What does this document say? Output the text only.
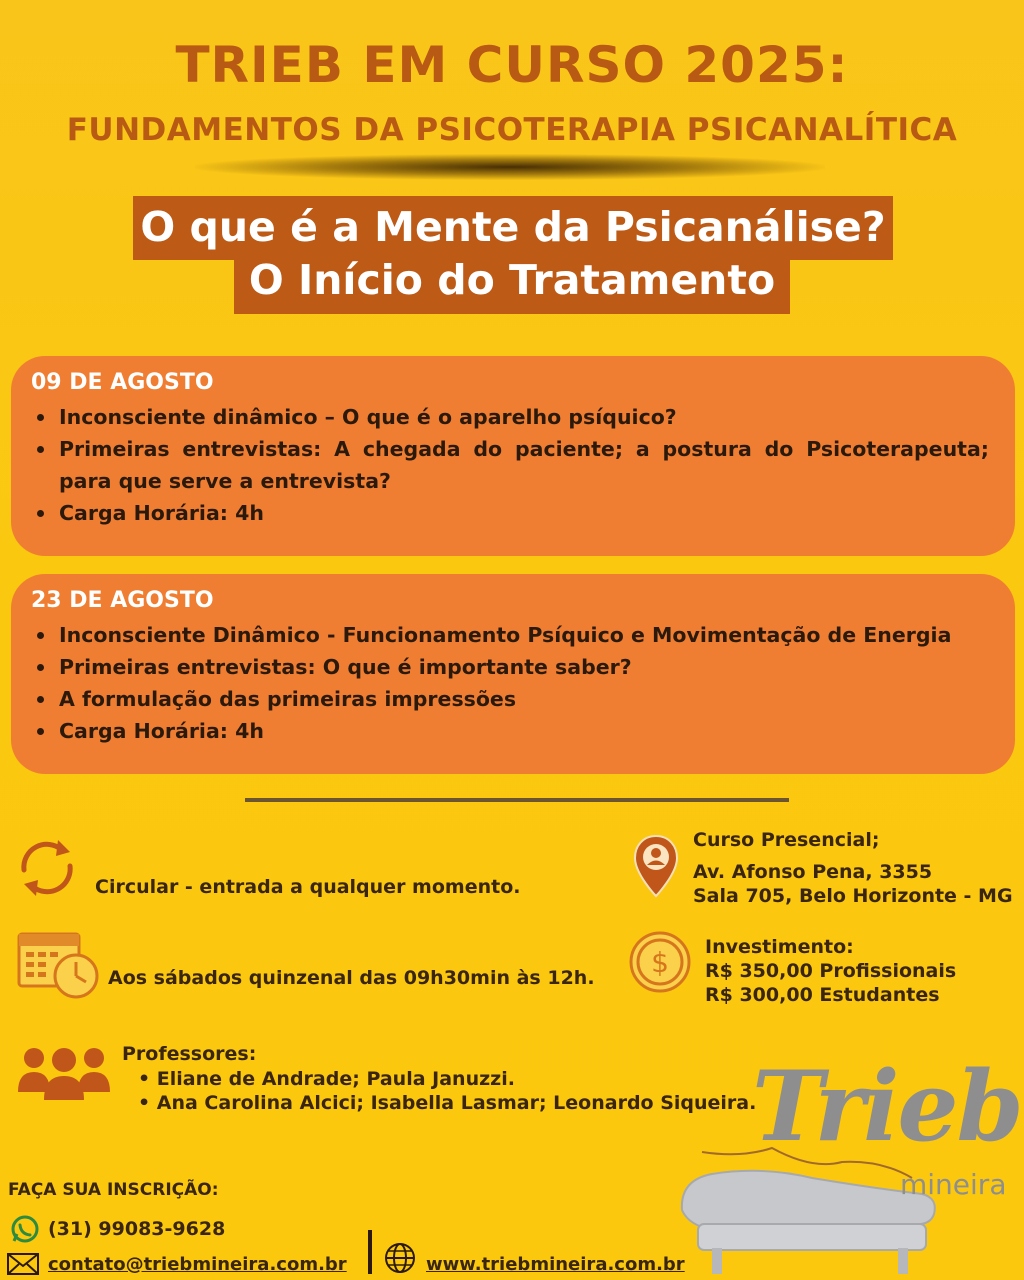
TRIEB EM CURSO 2025:
FUNDAMENTOS DA PSICOTERAPIA PSICANALÍTICA
O que é a Mente da Psicanálise?
O Início do Tratamento
09 DE AGOSTO
Inconsciente dinâmico – O que é o aparelho psíquico?
Primeiras entrevistas: A chegada do paciente; a postura do Psicoterapeuta; para que serve a entrevista?
Carga Horária: 4h
23 DE AGOSTO
Inconsciente Dinâmico - Funcionamento Psíquico e Movimentação de Energia
Primeiras entrevistas: O que é importante saber?
A formulação das primeiras impressões
Carga Horária: 4h
Circular - entrada a qualquer momento.
Aos sábados quinzenal das 09h30min às 12h.
Professores:
• Eliane de Andrade; Paula Januzzi.
• Ana Carolina Alcici; Isabella Lasmar; Leonardo Siqueira.
Curso Presencial;
Av. Afonso Pena, 3355
Sala 705, Belo Horizonte - MG
$ Investimento:
R$ 350,00 Profissionais
R$ 300,00 Estudantes
Trieb
mineira
FAÇA SUA INSCRIÇÃO:
(31) 99083-9628
contato@triebmineira.com.br	www.triebmineira.com.br
